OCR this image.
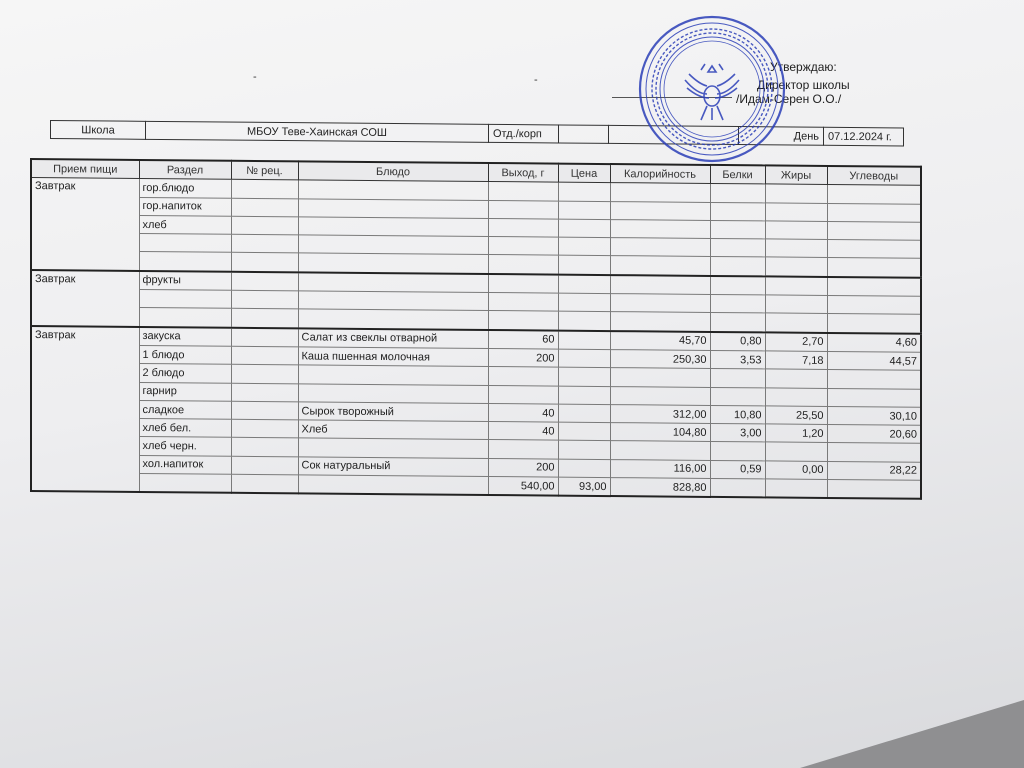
-	-
Утверждаю:
Директор школы
/Идам-Серен О.О./
Школа	МБОУ Теве-Хаинская СОШ	Отд./корп			День	07.12.2024 г.
Прием пищи	Раздел	№ рец.	Блюдо	Выход, г	Цена	Калорийность	Белки	Жиры	Углеводы
Завтрак	гор.блюдо								
	гор.напиток								
	хлеб								

Завтрак	фрукты								

Завтрак	закуска		Салат из свеклы отварной	60		45,70	0,80	2,70	4,60
	1 блюдо		Каша пшенная молочная	200		250,30	3,53	7,18	44,57
	2 блюдо								
	гарнир								
	сладкое		Сырок творожный	40		312,00	10,80	25,50	30,10
	хлеб бел.		Хлеб	40		104,80	3,00	1,20	20,60
	хлеб черн.								
	хол.напиток		Сок натуральный	200		116,00	0,59	0,00	28,22
				540,00	93,00	828,80			
